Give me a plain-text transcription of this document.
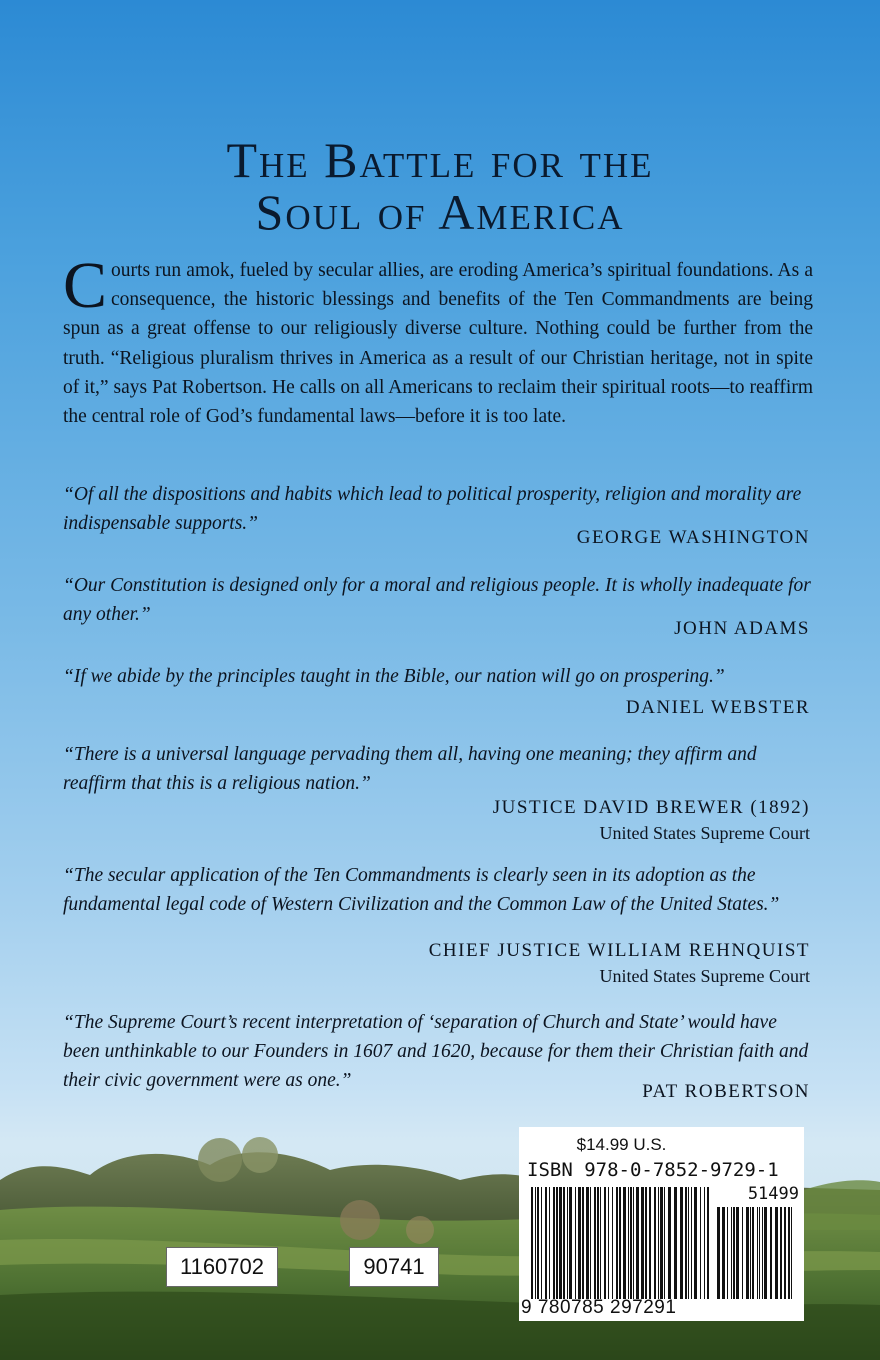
The Battle for the
Soul of America

Courts run amok, fueled by secular allies, are eroding America’s spiritual foundations. As a consequence, the historic blessings and benefits of the Ten Commandments are being spun as a great offense to our religiously diverse culture. Nothing could be further from the truth. “Religious pluralism thrives in America as a result of our Christian heritage, not in spite of it,” says Pat Robertson. He calls on all Americans to reclaim their spiritual roots—to reaffirm the central role of God’s fundamental laws—before it is too late.

“Of all the dispositions and habits which lead to political prosperity, religion and morality are indispensable supports.”

GEORGE WASHINGTON

“Our Constitution is designed only for a moral and religious people. It is wholly inadequate for any other.”

JOHN ADAMS

“If we abide by the principles taught in the Bible, our nation will go on prospering.”

DANIEL WEBSTER

“There is a universal language pervading them all, having one meaning; they affirm and reaffirm that this is a religious nation.”

JUSTICE DAVID BREWER (1892)
United States Supreme Court

“The secular application of the Ten Commandments is clearly seen in its adoption as the fundamental legal code of Western Civilization and the Common Law of the United States.”

CHIEF JUSTICE WILLIAM REHNQUIST
United States Supreme Court

“The Supreme Court’s recent interpretation of ‘separation of Church and State’ would have been unthinkable to our Founders in 1607 and 1620, because for them their Christian faith and their civic government were as one.”

PAT ROBERTSON
$14.99 U.S.
ISBN 978-0-7852-9729-1
51499
9 780785 297291
1160702	90741
